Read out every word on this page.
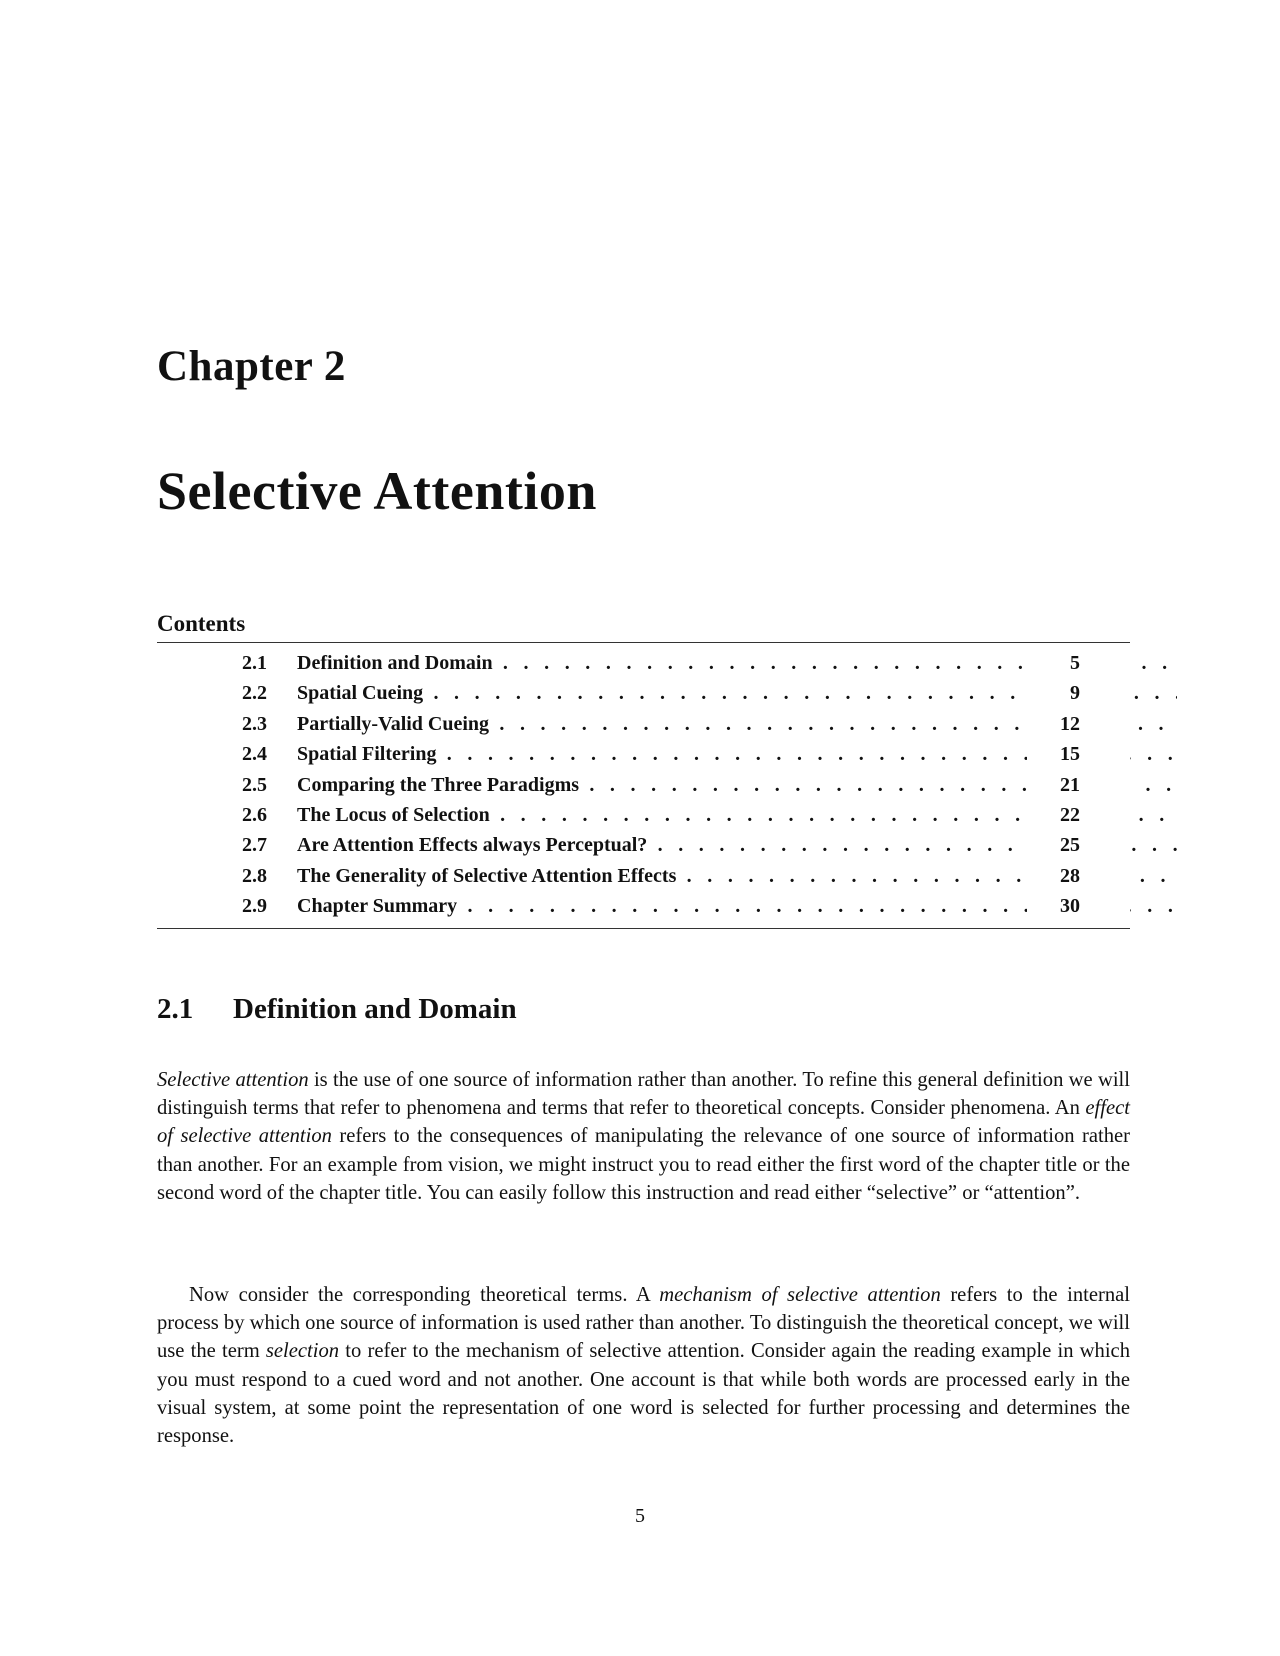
Chapter 2
Selective Attention
Contents
2.1 Definition and Domain . . .	5
2.2 Spatial Cueing . . .	9
2.3 Partially-Valid Cueing . . .	12
2.4 Spatial Filtering . . .	15
2.5 Comparing the Three Paradigms . . .	21
2.6 The Locus of Selection . . .	22
2.7 Are Attention Effects always Perceptual? . . .	25
2.8 The Generality of Selective Attention Effects . . .	28
2.9 Chapter Summary . . .	30
2.1 Definition and Domain

Selective attention is the use of one source of information rather than another. To refine this general definition we will distinguish terms that refer to phenomena and terms that refer to theoretical concepts. Consider phenomena. An effect of selective attention refers to the consequences of manipulating the relevance of one source of information rather than another. For an example from vision, we might instruct you to read either the first word of the chapter title or the second word of the chapter title. You can easily follow this instruction and read either “selective” or “attention”.

Now consider the corresponding theoretical terms. A mechanism of selective attention refers to the internal process by which one source of information is used rather than another. To distinguish the theoretical concept, we will use the term selection to refer to the mechanism of selective attention. Consider again the reading example in which you must respond to a cued word and not another. One account is that while both words are processed early in the visual system, at some point the representation of one word is selected for further processing and determines the response.

5
